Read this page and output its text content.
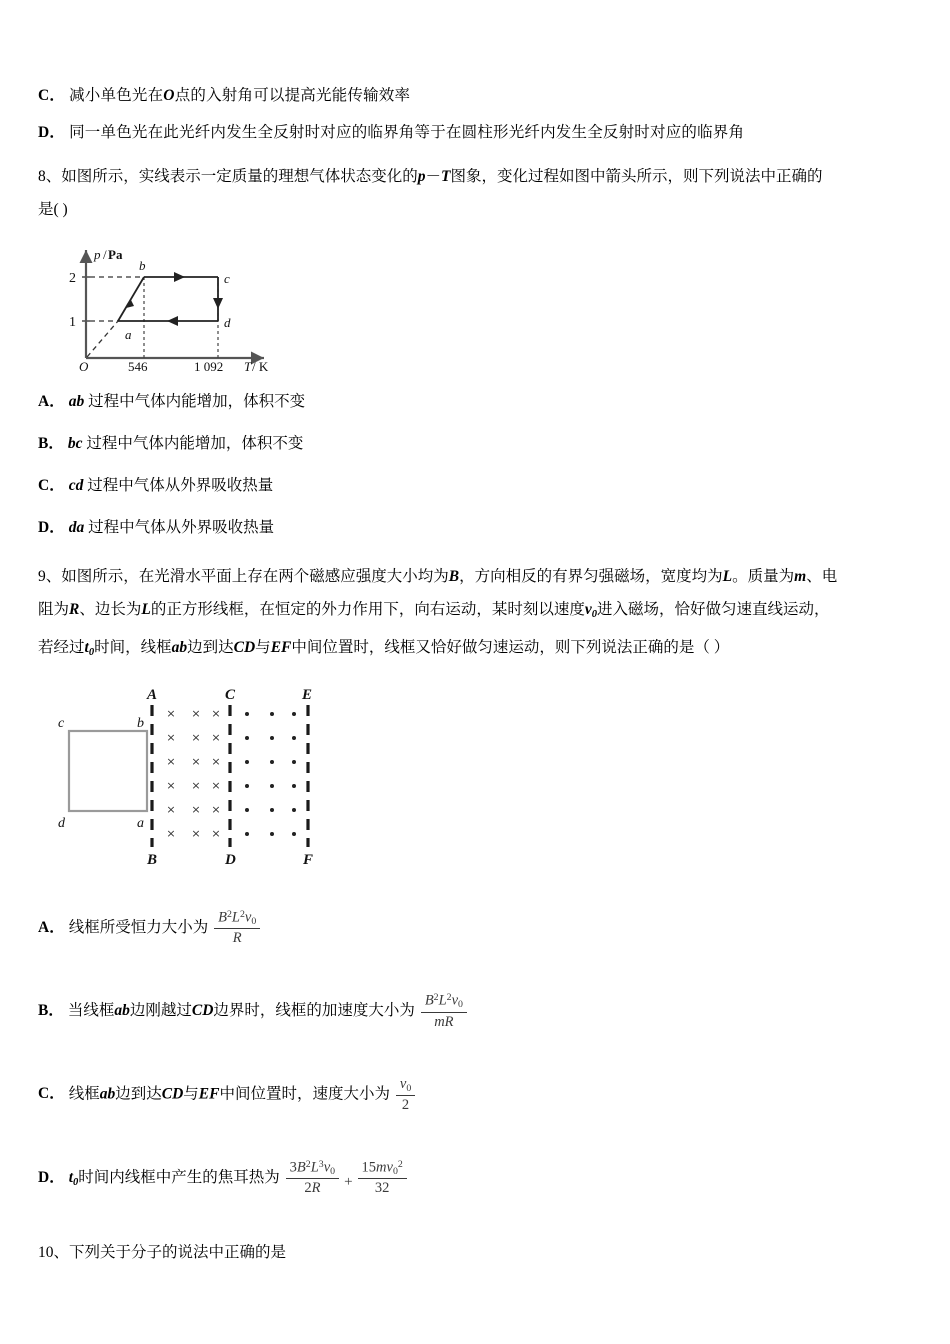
C． 减小单色光在O点的入射角可以提高光能传输效率
D． 同一单色光在此光纤内发生全反射时对应的临界角等于在圆柱形光纤内发生全反射时对应的临界角
8、如图所示，实线表示一定质量的理想气体状态变化的p－T图象，变化过程如图中箭头所示，则下列说法中正确的
是( )
p / Pa
2
1
b
c
d
a
O	546	1 092 T / K
A． ab 过程中气体内能增加，体积不变
B． bc 过程中气体内能增加，体积不变
C． cd 过程中气体从外界吸收热量
D． da 过程中气体从外界吸收热量
9、如图所示，在光滑水平面上存在两个磁感应强度大小均为B，方向相反的有界匀强磁场，宽度均为L。质量为m、电
阻为R、边长为L的正方形线框，在恒定的外力作用下，向右运动，某时刻以速度$v_0$进入磁场，恰好做匀速直线运动，
若经过$t_0$时间，线框ab边到达CD与EF中间位置时，线框又恰好做匀速运动，则下列说法正确的是（ ）
A	C	E
B	D	F
× × ×
× × ×
× × ×
× × ×
× × ×
× × ×
c	b
d	a
A． 线框所受恒力大小为 $\frac{B^2L^2v_0}{R}$
B． 当线框ab边刚越过CD边界时，线框的加速度大小为 $\frac{B^2L^2v_0}{mR}$
C． 线框ab边到达CD与EF中间位置时，速度大小为 $\frac{v_0}{2}$
D． $t_0$时间内线框中产生的焦耳热为 $\frac{3B^2L^3v_0}{2R} + \frac{15mv_0^2}{32}$
10、下列关于分子的说法中正确的是
